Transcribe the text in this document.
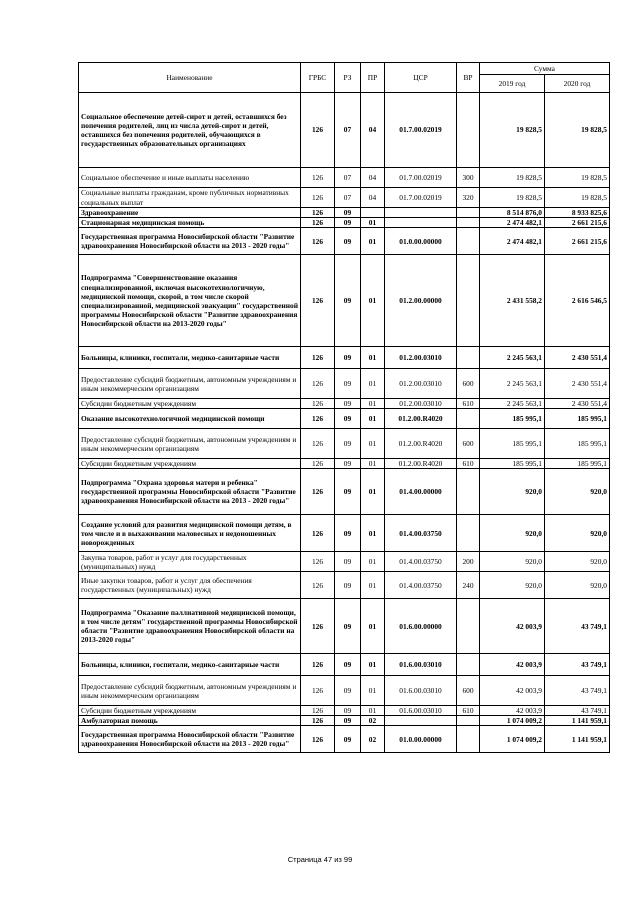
Наименование	ГРБС	РЗ	ПР	ЦСР	ВР	Сумма	
						2019 год	2020 год
Социальное обеспечение детей-сирот и детей, оставшихся без попечения родителей, лиц из числа детей-сирот и детей, оставшихся без попечения родителей, обучающихся в государственных образовательных организациях	126	07	04	01.7.00.02019		19 828,5	19 828,5
Социальное обеспечение и иные выплаты населению	126	07	04	01.7.00.02019	300	19 828,5	19 828,5
Социальные выплаты гражданам, кроме публичных нормативных социальных выплат	126	07	04	01.7.00.02019	320	19 828,5	19 828,5
Здравоохранение	126	09				8 514 876,0	8 933 825,6
Стационарная медицинская помощь	126	09	01			2 474 482,1	2 661 215,6
Государственная программа Новосибирской области "Развитие здравоохранения Новосибирской области на 2013 - 2020 годы"	126	09	01	01.0.00.00000		2 474 482,1	2 661 215,6
Подпрограмма "Совершенствование оказания специализированной, включая высокотехнологичную, медицинской помощи, скорой, в том числе скорой специализированной, медицинской эвакуации" государственной программы Новосибирской области "Развитие здравоохранения Новосибирской области на 2013-2020 годы"	126	09	01	01.2.00.00000		2 431 558,2	2 616 546,5
Больницы, клиники, госпитали, медико-санитарные части	126	09	01	01.2.00.03010		2 245 563,1	2 430 551,4
Предоставление субсидий бюджетным, автономным учреждениям и иным некоммерческим организациям	126	09	01	01.2.00.03010	600	2 245 563,1	2 430 551,4
Субсидии бюджетным учреждениям	126	09	01	01.2.00.03010	610	2 245 563,1	2 430 551,4
Оказание высокотехнологичной медицинской помощи	126	09	01	01.2.00.R4020		185 995,1	185 995,1
Предоставление субсидий бюджетным, автономным учреждениям и иным некоммерческим организациям	126	09	01	01.2.00.R4020	600	185 995,1	185 995,1
Субсидии бюджетным учреждениям	126	09	01	01.2.00.R4020	610	185 995,1	185 995,1
Подпрограмма "Охрана здоровья матери и ребенка" государственной программы Новосибирской области "Развитие здравоохранения Новосибирской области на 2013 - 2020 годы"	126	09	01	01.4.00.00000		920,0	920,0
Создание условий для развития медицинской помощи детям, в том числе и в выхаживании маловесных и недоношенных новорожденных	126	09	01	01.4.00.03750		920,0	920,0
Закупка товаров, работ и услуг для государственных (муниципальных) нужд	126	09	01	01.4.00.03750	200	920,0	920,0
Иные закупки товаров, работ и услуг для обеспечения государственных (муниципальных) нужд	126	09	01	01.4.00.03750	240	920,0	920,0
Подпрограмма "Оказание паллиативной медицинской помощи, в том числе детям" государственной программы Новосибирской области "Развитие здравоохранения Новосибирской области на 2013-2020 годы"	126	09	01	01.6.00.00000		42 003,9	43 749,1
Больницы, клиники, госпитали, медико-санитарные части	126	09	01	01.6.00.03010		42 003,9	43 749,1
Предоставление субсидий бюджетным, автономным учреждениям и иным некоммерческим организациям	126	09	01	01.6.00.03010	600	42 003,9	43 749,1
Субсидии бюджетным учреждениям	126	09	01	01.6.00.03010	610	42 003,9	43 749,1
Амбулаторная помощь	126	09	02			1 074 009,2	1 141 959,1
Государственная программа Новосибирской области "Развитие здравоохранения Новосибирской области на 2013 - 2020 годы"	126	09	02	01.0.00.00000		1 074 009,2	1 141 959,1
Страница 47 из 99
